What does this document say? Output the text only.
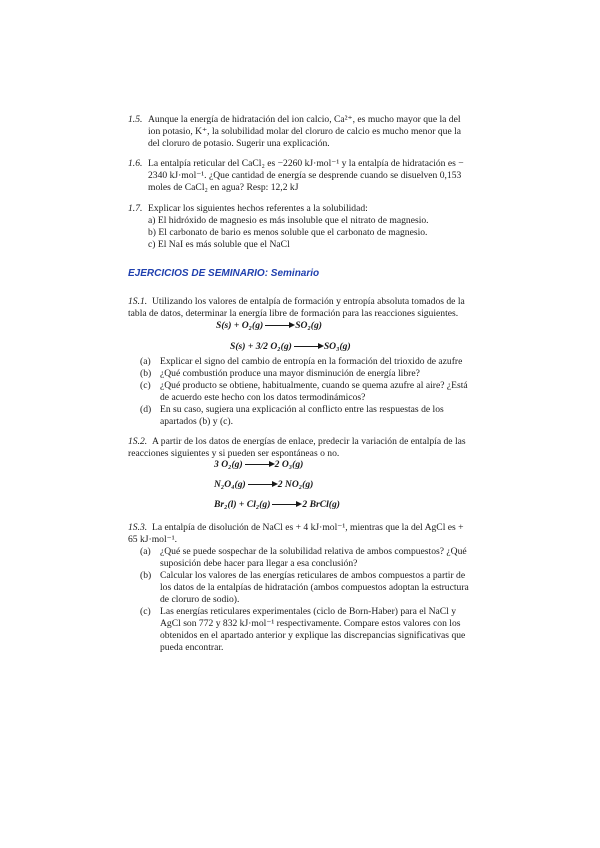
1.5. Aunque la energía de hidratación del ion calcio, Ca²⁺, es mucho mayor que la del
ion potasio, K⁺, la solubilidad molar del cloruro de calcio es mucho menor que la
del cloruro de potasio. Sugerir una explicación.
1.6. La entalpía reticular del CaCl₂ es −2260 kJ·mol⁻¹ y la entalpía de hidratación es −
2340 kJ·mol⁻¹. ¿Que cantidad de energía se desprende cuando se disuelven 0,153
moles de CaCl₂ en agua? Resp: 12,2 kJ
1.7. Explicar los siguientes hechos referentes a la solubilidad:
a) El hidróxido de magnesio es más insoluble que el nitrato de magnesio.
b) El carbonato de bario es menos soluble que el carbonato de magnesio.
c) El NaI es más soluble que el NaCl
EJERCICIOS DE SEMINARIO: Seminario
1S.1. Utilizando los valores de entalpía de formación y entropía absoluta tomados de la
tabla de datos, determinar la energía libre de formación para las reacciones siguientes.
S(s) + O₂(g) → SO₂(g)
S(s) + 3/2 O₂(g) → SO₃(g)
(a) Explicar el signo del cambio de entropía en la formación del trioxido de azufre
(b) ¿Qué combustión produce una mayor disminución de energía libre?
(c) ¿Qué producto se obtiene, habitualmente, cuando se quema azufre al aire? ¿Está
de acuerdo este hecho con los datos termodinámicos?
(d) En su caso, sugiera una explicación al conflicto entre las respuestas de los
apartados (b) y (c).
1S.2. A partir de los datos de energías de enlace, predecir la variación de entalpía de las
reacciones siguientes y si pueden ser espontáneas o no.
3 O₂(g) → 2 O₃(g)
N₂O₄(g) → 2 NO₂(g)
Br₂(l) + Cl₂(g) → 2 BrCl(g)
1S.3. La entalpía de disolución de NaCl es + 4 kJ·mol⁻¹, mientras que la del AgCl es +
65 kJ·mol⁻¹.
(a) ¿Qué se puede sospechar de la solubilidad relativa de ambos compuestos? ¿Qué
suposición debe hacer para llegar a esa conclusión?
(b) Calcular los valores de las energías reticulares de ambos compuestos a partir de
los datos de la entalpías de hidratación (ambos compuestos adoptan la estructura
de cloruro de sodio).
(c) Las energías reticulares experimentales (ciclo de Born-Haber) para el NaCl y
AgCl son 772 y 832 kJ·mol⁻¹ respectivamente. Compare estos valores con los
obtenidos en el apartado anterior y explique las discrepancias significativas que
pueda encontrar.
